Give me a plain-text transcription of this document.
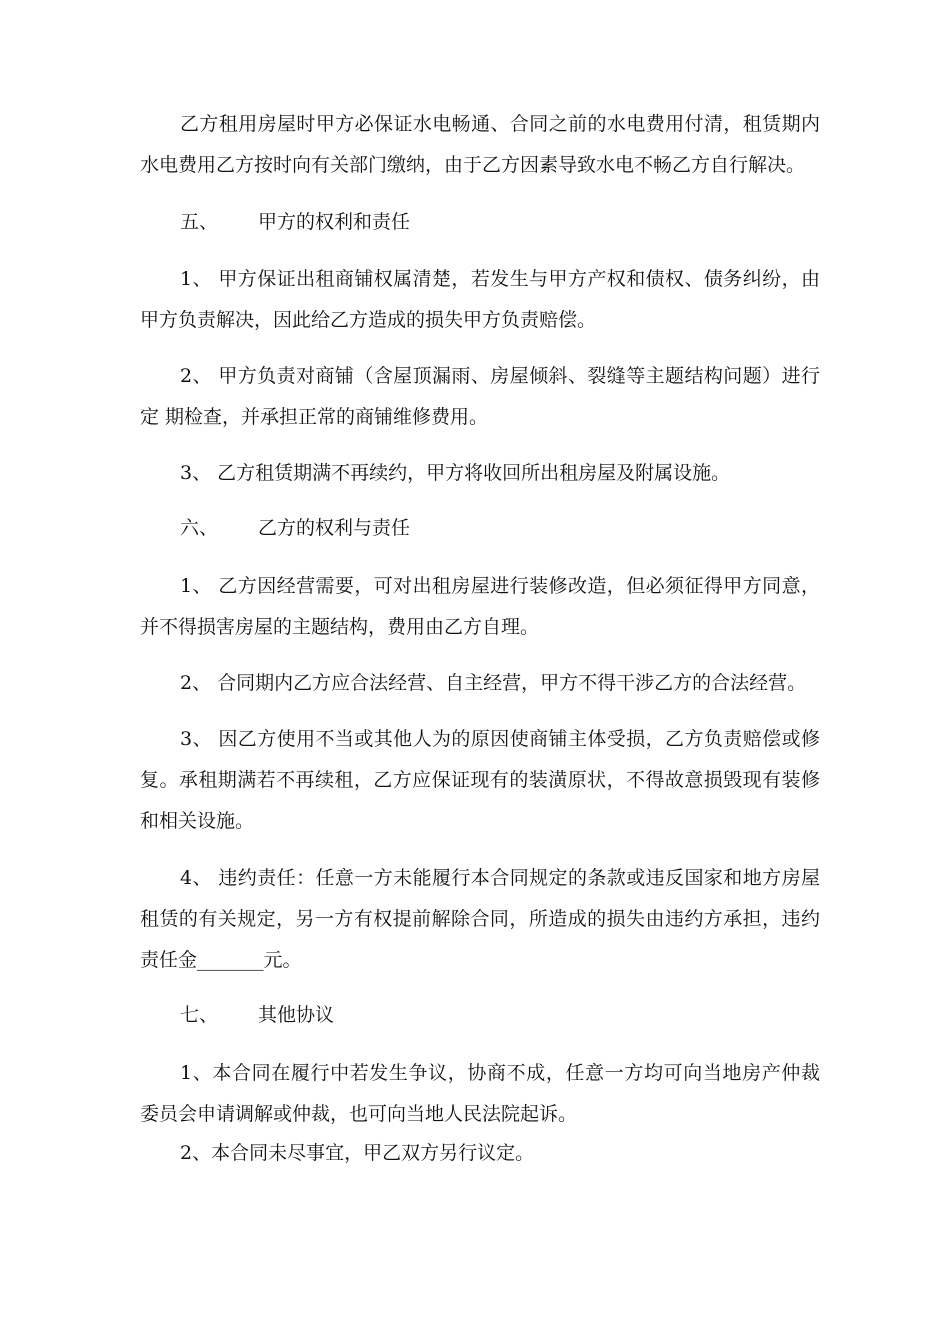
乙方租用房屋时甲方必保证水电畅通、合同之前的水电费用付清，租赁期内
水电费用乙方按时向有关部门缴纳，由于乙方因素导致水电不畅乙方自行解决。
五、 甲方的权利和责任
1、 甲方保证出租商铺权属清楚，若发生与甲方产权和债权、债务纠纷，由
甲方负责解决，因此给乙方造成的损失甲方负责赔偿。
2、 甲方负责对商铺（含屋顶漏雨、房屋倾斜、裂缝等主题结构问题）进行
定 期检查，并承担正常的商铺维修费用。
3、 乙方租赁期满不再续约，甲方将收回所出租房屋及附属设施。
六、 乙方的权利与责任
1、 乙方因经营需要，可对出租房屋进行装修改造，但必须征得甲方同意，
并不得损害房屋的主题结构，费用由乙方自理。
2、 合同期内乙方应合法经营、自主经营，甲方不得干涉乙方的合法经营。
3、 因乙方使用不当或其他人为的原因使商铺主体受损，乙方负责赔偿或修
复。承租期满若不再续租，乙方应保证现有的装潢原状，不得故意损毁现有装修
和相关设施。
4、 违约责任：任意一方未能履行本合同规定的条款或违反国家和地方房屋
租赁的有关规定，另一方有权提前解除合同，所造成的损失由违约方承担，违约
责任金_______元。
七、 其他协议
1、本合同在履行中若发生争议，协商不成，任意一方均可向当地房产仲裁
委员会申请调解或仲裁，也可向当地人民法院起诉。
2、本合同未尽事宜，甲乙双方另行议定。
